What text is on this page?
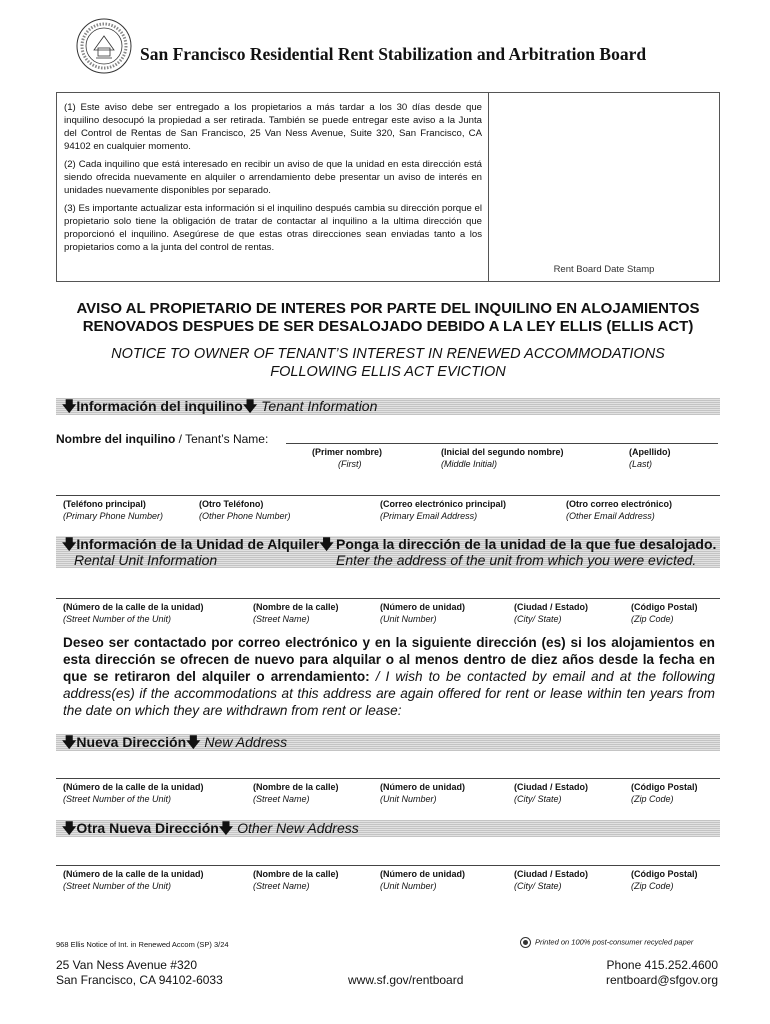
San Francisco Residential Rent Stabilization and Arbitration Board

(1) Este aviso debe ser entregado a los propietarios a más tardar a los 30 días desde que inquilino desocupó la propiedad a ser retirada. También se puede entregar este aviso a la Junta del Control de Rentas de San Francisco, 25 Van Ness Avenue, Suite 320, San Francisco, CA 94102 en cualquier momento.

(2) Cada inquilino que está interesado en recibir un aviso de que la unidad en esta dirección está siendo ofrecida nuevamente en alquiler o arrendamiento debe presentar un aviso de interés en unidades nuevamente disponibles por separado.

(3) Es importante actualizar esta información si el inquilino después cambia su dirección porque el propietario solo tiene la obligación de tratar de contactar al inquilino a la ultima dirección que proporcionó el inquilino. Asegúrese de que estas otras direcciones sean enviadas tanto a los propietarios como a la junta del control de rentas.

Rent Board Date Stamp
AVISO AL PROPIETARIO DE INTERES POR PARTE DEL INQUILINO EN ALOJAMIENTOS
RENOVADOS DESPUES DE SER DESALOJADO DEBIDO A LA LEY ELLIS (ELLIS ACT)
NOTICE TO OWNER OF TENANT’S INTEREST IN RENEWED ACCOMMODATIONS
FOLLOWING ELLIS ACT EVICTION
🡇Información del inquilino🡇 Tenant Information
Nombre del inquilino / Tenant’s Name:
(Primer nombre)
(First)
(Inicial del segundo nombre)
(Middle Initial)
(Apellido)
(Last)
(Teléfono principal)
(Primary Phone Number)
(Otro Teléfono)
(Other Phone Number)
(Correo electrónico principal)
(Primary Email Address)
(Otro correo electrónico)
(Other Email Address)
🡇Información de la Unidad de Alquiler🡇
Rental Unit Information
Ponga la dirección de la unidad de la que fue desalojado.
Enter the address of the unit from which you were evicted.
(Número de la calle de la unidad)
(Street Number of the Unit)
(Nombre de la calle)
(Street Name)
(Número de unidad)
(Unit Number)
(Ciudad / Estado)
(City/ State)
(Código Postal)
(Zip Code)
Deseo ser contactado por correo electrónico y en la siguiente dirección (es) si los alojamientos en esta dirección se ofrecen de nuevo para alquilar o al menos dentro de diez años desde la fecha en que se retiraron del alquiler o arrendamiento: / I wish to be contacted by email and at the following address(es) if the accommodations at this address are again offered for rent or lease within ten years from the date on which they are withdrawn from rent or lease:
🡇Nueva Dirección🡇 New Address
(Número de la calle de la unidad)
(Street Number of the Unit)
(Nombre de la calle)
(Street Name)
(Número de unidad)
(Unit Number)
(Ciudad / Estado)
(City/ State)
(Código Postal)
(Zip Code)
🡇Otra Nueva Dirección🡇 Other New Address
(Número de la calle de la unidad)
(Street Number of the Unit)
(Nombre de la calle)
(Street Name)
(Número de unidad)
(Unit Number)
(Ciudad / Estado)
(City/ State)
(Código Postal)
(Zip Code)
968 Ellis Notice of Int. in Renewed Accom (SP) 3/24	Printed on 100% post-consumer recycled paper
25 Van Ness Avenue #320
San Francisco, CA 94102-6033	www.sf.gov/rentboard
Phone 415.252.4600
rentboard@sfgov.org
